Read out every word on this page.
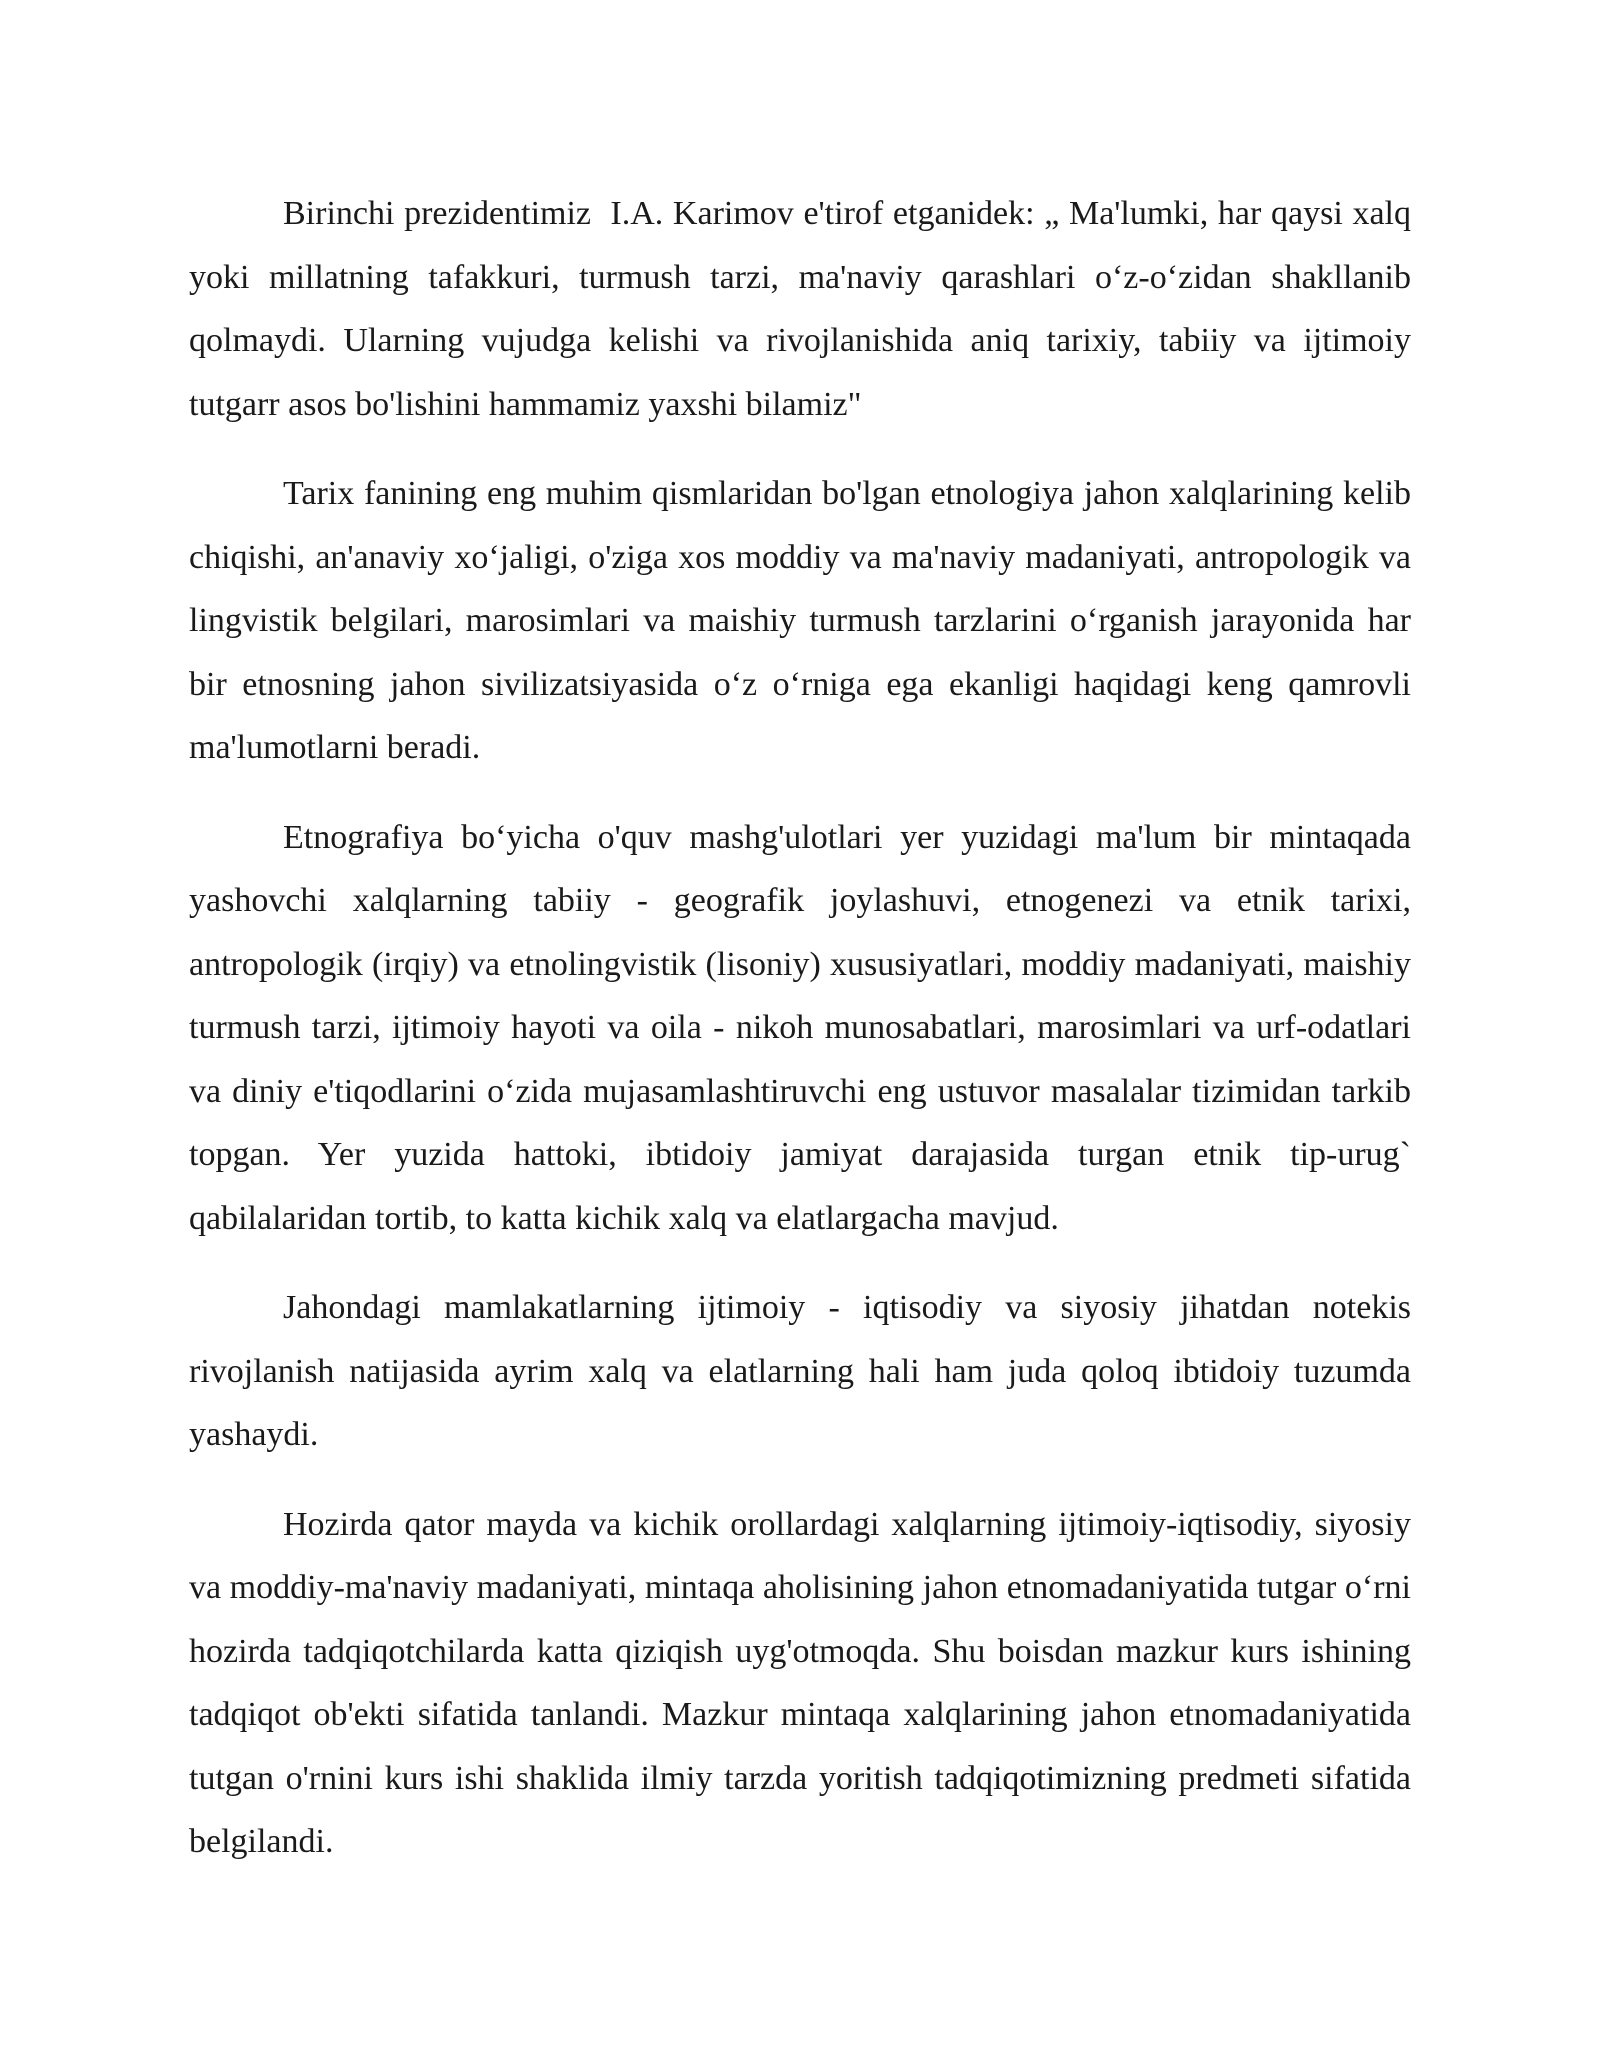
Birinchi prezidentimiz  I.A. Karimov e'tirof etganidek: „ Ma'lumki, har qaysi xalq yoki millatning tafakkuri, turmush tarzi, ma'naviy qarashlari oʻz-oʻzidan shakllanib qolmaydi. Ularning vujudga kelishi va rivojlanishida aniq tarixiy, tabiiy va ijtimoiy tutgarr asos bo'lishini hammamiz yaxshi bilamiz"

Tarix fanining eng muhim qismlaridan bo'lgan etnologiya jahon xalqlarining kelib chiqishi, an'anaviy xoʻjaligi, o'ziga xos moddiy va ma'naviy madaniyati, antropologik va lingvistik belgilari, marosimlari va maishiy turmush tarzlarini oʻrganish jarayonida har bir etnosning jahon sivilizatsiyasida oʻz oʻrniga ega ekanligi haqidagi keng qamrovli ma'lumotlarni beradi.

Etnografiya boʻyicha o'quv mashg'ulotlari yer yuzidagi ma'lum bir mintaqada yashovchi xalqlarning tabiiy - geografik joylashuvi, etnogenezi va etnik tarixi, antropologik (irqiy) va etnolingvistik (lisoniy) xususiyatlari, moddiy madaniyati, maishiy turmush tarzi, ijtimoiy hayoti va oila - nikoh munosabatlari, marosimlari va urf-odatlari va diniy e'tiqodlarini oʻzida mujasamlashtiruvchi eng ustuvor masalalar tizimidan tarkib topgan. Yer yuzida hattoki, ibtidoiy jamiyat darajasida turgan etnik tip-urug` qabilalaridan tortib, to katta kichik xalq va elatlargacha mavjud.

Jahondagi mamlakatlarning ijtimoiy - iqtisodiy va siyosiy jihatdan notekis rivojlanish natijasida ayrim xalq va elatlarning hali ham juda qoloq ibtidoiy tuzumda yashaydi.

Hozirda qator mayda va kichik orollardagi xalqlarning ijtimoiy-iqtisodiy, siyosiy va moddiy-ma'naviy madaniyati, mintaqa aholisining jahon etnomadaniyatida tutgar oʻrni hozirda tadqiqotchilarda katta qiziqish uyg'otmoqda. Shu boisdan mazkur kurs ishining tadqiqot ob'ekti sifatida tanlandi. Mazkur mintaqa xalqlarining jahon etnomadaniyatida tutgan o'rnini kurs ishi shaklida ilmiy tarzda yoritish tadqiqotimizning predmeti sifatida belgilandi.
